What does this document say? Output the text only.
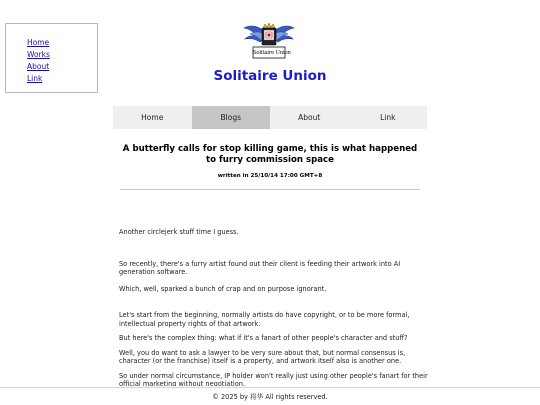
Home
Works
About
Link
Solitaire Union
Solitaire Union
Home	Blogs	About	Link
A butterfly calls for stop killing game, this is what happened to furry commission space
written in 25/10/14 17:00 GMT+8

Another circlejerk stuff time I guess.

So recently, there's a furry artist found out their client is feeding their artwork into AI generation software.

Which, well, sparked a bunch of crap and on purpose ignorant.

Let's start from the beginning, normally artists do have copyright, or to be more formal, intellectual property rights of that artwork.

But here's the complex thing: what if it's a fanart of other people's character and stuff?

Well, you do want to ask a lawyer to be very sure about that, but normal consensus is, character (or the franchise) itself is a property, and artwork itself also is another one.

So under normal circumstance, IP holder won't really just using other people's fanart for their official marketing without negotiation.

© 2025 by 将华 All rights reserved.
